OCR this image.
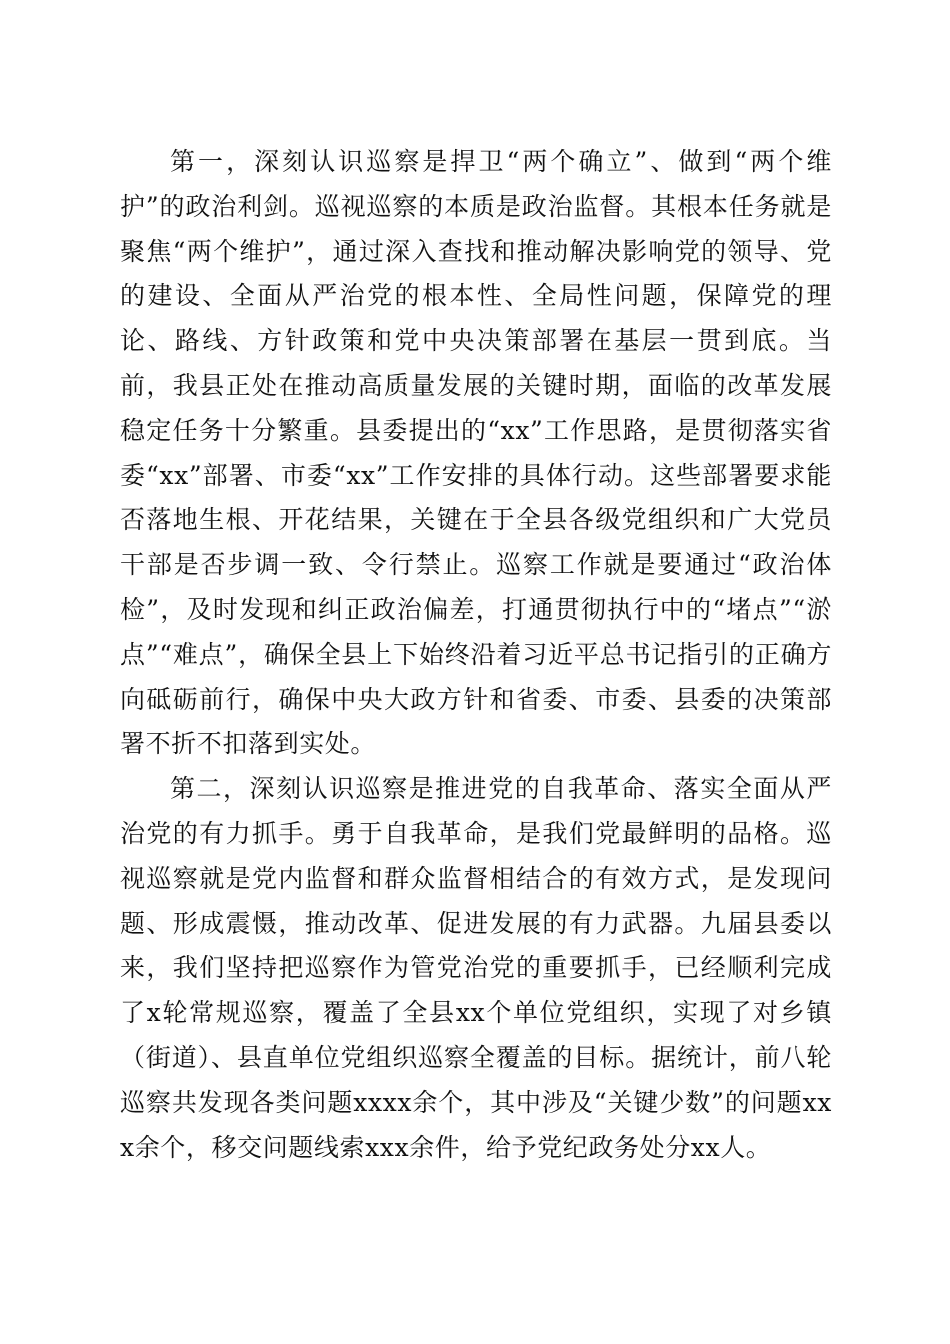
第一，深刻认识巡察是捍卫“两个确立”、做到“两个维护”的政治利剑。巡视巡察的本质是政治监督。其根本任务就是聚焦“两个维护”，通过深入查找和推动解决影响党的领导、党的建设、全面从严治党的根本性、全局性问题，保障党的理论、路线、方针政策和党中央决策部署在基层一贯到底。当前，我县正处在推动高质量发展的关键时期，面临的改革发展稳定任务十分繁重。县委提出的“xx”工作思路，是贯彻落实省委“xx”部署、市委“xx”工作安排的具体行动。这些部署要求能否落地生根、开花结果，关键在于全县各级党组织和广大党员干部是否步调一致、令行禁止。巡察工作就是要通过“政治体检”，及时发现和纠正政治偏差，打通贯彻执行中的“堵点”“淤点”“难点”，确保全县上下始终沿着习近平总书记指引的正确方向砥砺前行，确保中央大政方针和省委、市委、县委的决策部署不折不扣落到实处。

第二，深刻认识巡察是推进党的自我革命、落实全面从严治党的有力抓手。勇于自我革命，是我们党最鲜明的品格。巡视巡察就是党内监督和群众监督相结合的有效方式，是发现问题、形成震慑，推动改革、促进发展的有力武器。九届县委以来，我们坚持把巡察作为管党治党的重要抓手，已经顺利完成了x轮常规巡察，覆盖了全县xx个单位党组织，实现了对乡镇（街道）、县直单位党组织巡察全覆盖的目标。据统计，前八轮巡察共发现各类问题xxxx余个，其中涉及“关键少数”的问题xxx余个，移交问题线索xxx余件，给予党纪政务处分xx人。
